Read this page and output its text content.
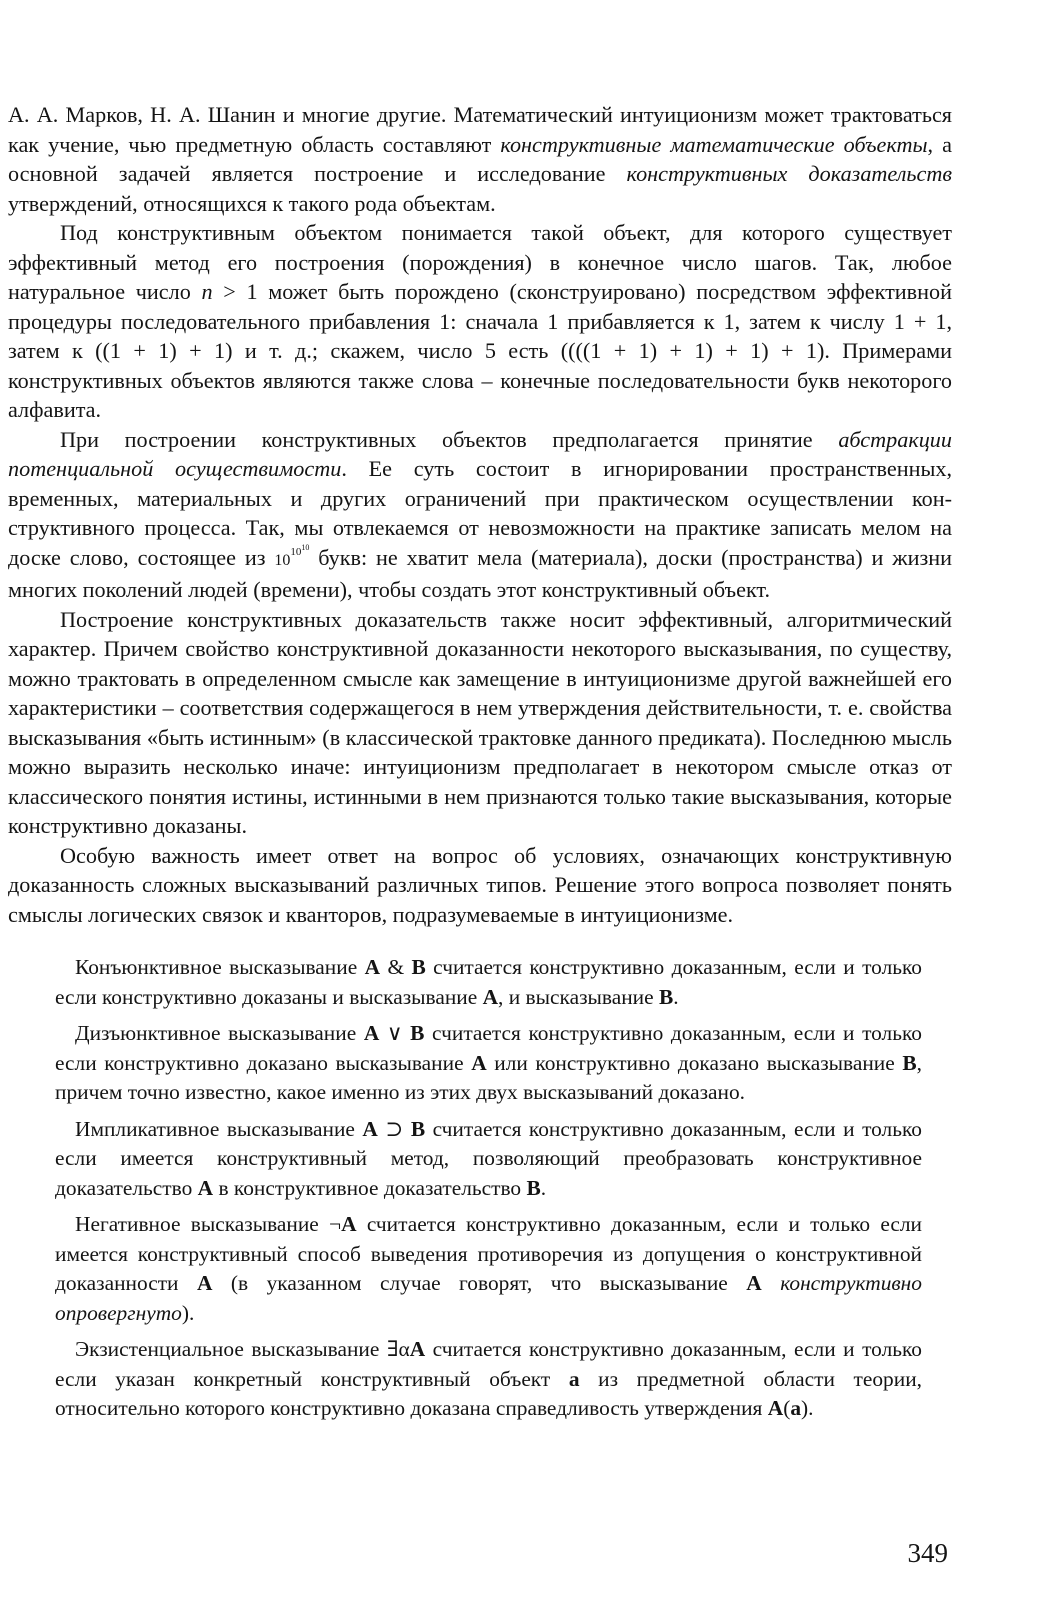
А. А. Марков, Н. А. Шанин и многие другие. Математический интуиционизм может трактоваться как учение, чью предметную область составляют конструктивные математические объекты, а основной задачей является построение и исследование конструктивных доказательств утверждений, относящихся к такого рода объектам.

Под конструктивным объектом понимается такой объект, для которого существует эффективный метод его построения (порождения) в конечное число шагов. Так, любое натуральное число n > 1 может быть порождено (сконструировано) посредством эффективной процедуры последовательного прибавления 1: сначала 1 прибавляется к 1, затем к числу 1 + 1, затем к ((1 + 1) + 1) и т. д.; скажем, число 5 есть ((((1 + 1) + 1) + 1) + 1). Примерами конструктивных объектов являются также слова – конечные последовательности букв некоторого алфавита.

При построении конструктивных объектов предполагается принятие абстракции потенциальной осуществимости. Ее суть состоит в игнорировании пространственных, временных, материальных и других ограничений при практическом осуществлении конструктивного процесса. Так, мы отвлекаемся от невозможности на практике записать мелом на доске слово, состоящее из $10^{10^{10}}$ букв: не хватит мела (материала), доски (пространства) и жизни многих поколений людей (времени), чтобы создать этот конструктивный объект.

Построение конструктивных доказательств также носит эффективный, алгоритмический характер. Причем свойство конструктивной доказанности некоторого высказывания, по существу, можно трактовать в определенном смысле как замещение в интуиционизме другой важнейшей его характеристики – соответствия содержащегося в нем утверждения действительности, т. е. свойства высказывания «быть истинным» (в классической трактовке данного предиката). Последнюю мысль можно выразить несколько иначе: интуиционизм предполагает в некотором смысле отказ от классического понятия истины, истинными в нем признаются только такие высказывания, которые конструктивно доказаны.

Особую важность имеет ответ на вопрос об условиях, означающих конструктивную доказанность сложных высказываний различных типов. Решение этого вопроса позволяет понять смыслы логических связок и кванторов, подразумеваемые в интуиционизме.

Конъюнктивное высказывание А & В считается конструктивно доказанным, если и только если конструктивно доказаны и высказывание А, и высказывание В.

Дизъюнктивное высказывание А ∨ В считается конструктивно доказанным, если и только если конструктивно доказано высказывание А или конструктивно доказано высказывание В, причем точно известно, какое именно из этих двух высказываний доказано.

Импликативное высказывание А ⊃ В считается конструктивно доказанным, если и только если имеется конструктивный метод, позволяющий преобразовать конструктивное доказательство А в конструктивное доказательство В.

Негативное высказывание ¬А считается конструктивно доказанным, если и только если имеется конструктивный способ выведения противоречия из допущения о конструктивной доказанности А (в указанном случае говорят, что высказывание А конструктивно опровергнуто).

Экзистенциальное высказывание ∃αА считается конструктивно доказанным, если и только если указан конкретный конструктивный объект а из предметной области теории, относительно которого конструктивно доказана справедливость утверждения А(а).

349
